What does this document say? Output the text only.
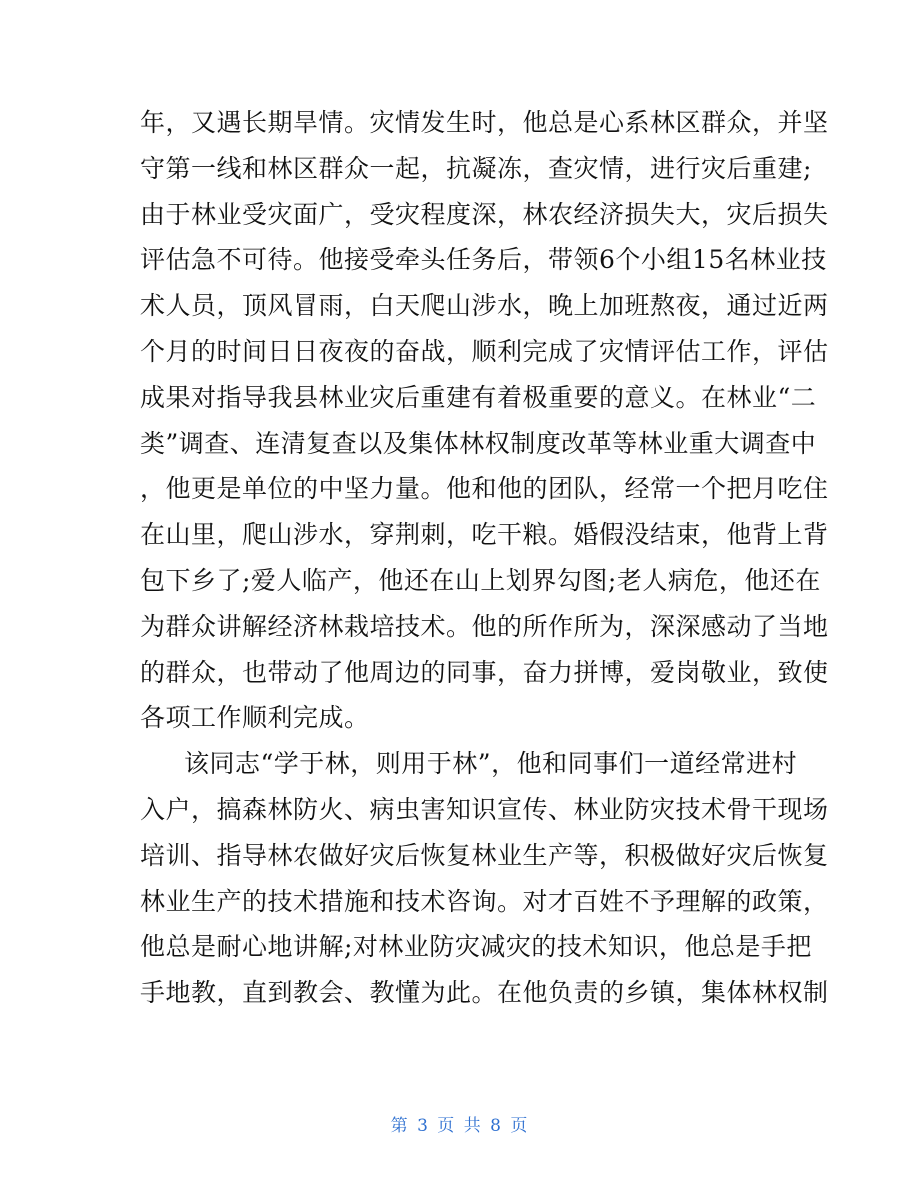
年，又遇长期旱情。灾情发生时，他总是心系林区群众，并坚
守第一线和林区群众一起，抗凝冻，查灾情，进行灾后重建;
由于林业受灾面广，受灾程度深，林农经济损失大，灾后损失
评估急不可待。他接受牵头任务后，带领6个小组15名林业技
术人员，顶风冒雨，白天爬山涉水，晚上加班熬夜，通过近两
个月的时间日日夜夜的奋战，顺利完成了灾情评估工作，评估
成果对指导我县林业灾后重建有着极重要的意义。在林业“二
类”调查、连清复查以及集体林权制度改革等林业重大调查中
，他更是单位的中坚力量。他和他的团队，经常一个把月吃住
在山里，爬山涉水，穿荆刺，吃干粮。婚假没结束，他背上背
包下乡了;爱人临产，他还在山上划界勾图;老人病危，他还在
为群众讲解经济林栽培技术。他的所作所为，深深感动了当地
的群众，也带动了他周边的同事，奋力拼博，爱岗敬业，致使
各项工作顺利完成。

该同志“学于林，则用于林”，他和同事们一道经常进村
入户，搞森林防火、病虫害知识宣传、林业防灾技术骨干现场
培训、指导林农做好灾后恢复林业生产等，积极做好灾后恢复
林业生产的技术措施和技术咨询。对才百姓不予理解的政策，
他总是耐心地讲解;对林业防灾减灾的技术知识，他总是手把
手地教，直到教会、教懂为此。在他负责的乡镇，集体林权制

第 3 页 共 8 页
